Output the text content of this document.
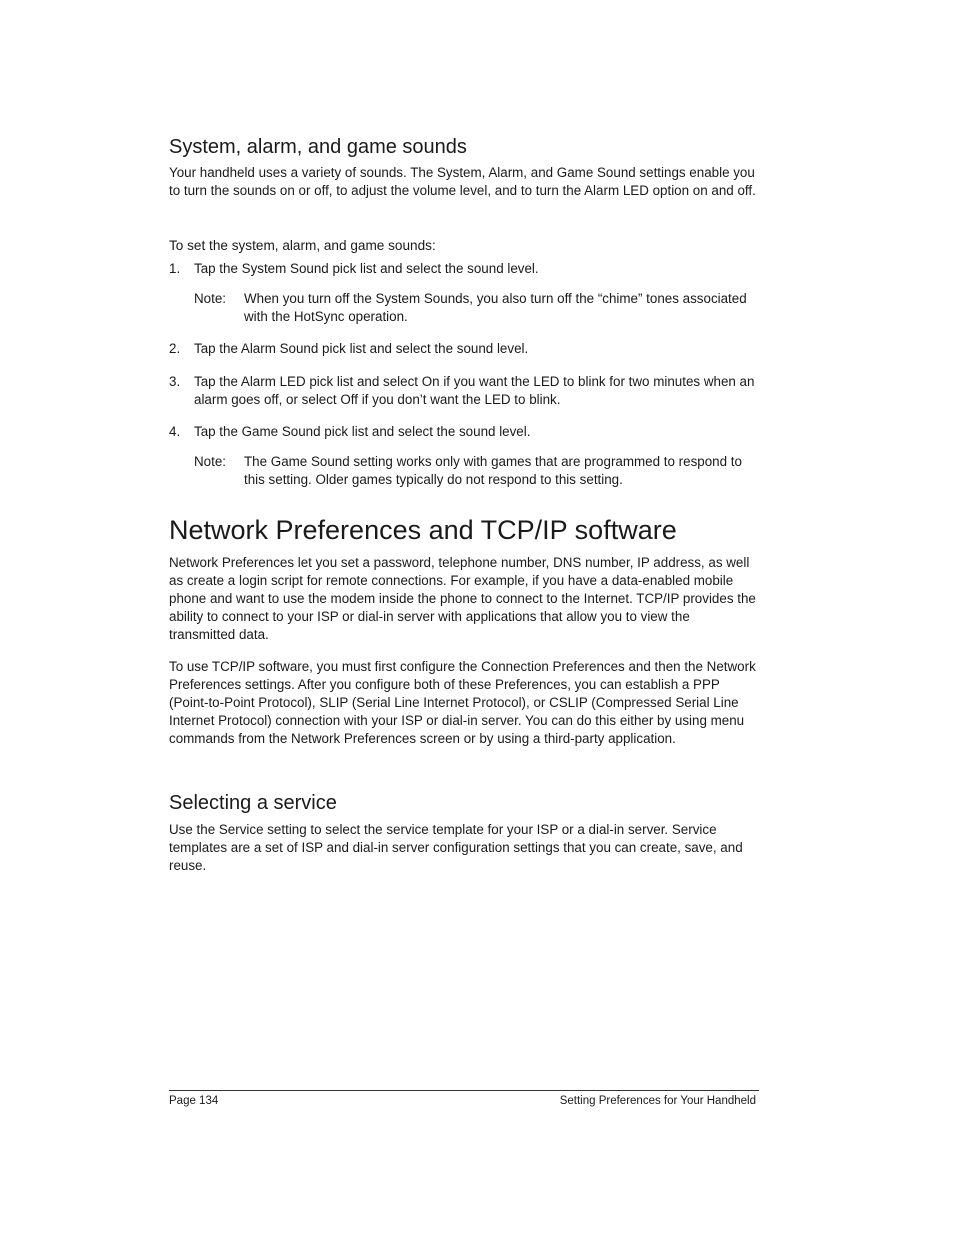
System, alarm, and game sounds

Your handheld uses a variety of sounds. The System, Alarm, and Game Sound settings enable you to turn the sounds on or off, to adjust the volume level, and to turn the Alarm LED option on and off.

To set the system, alarm, and game sounds:

1. Tap the System Sound pick list and select the sound level.
Note: When you turn off the System Sounds, you also turn off the “chime” tones associated with the HotSync operation.
2. Tap the Alarm Sound pick list and select the sound level.
3. Tap the Alarm LED pick list and select On if you want the LED to blink for two minutes when an alarm goes off, or select Off if you don’t want the LED to blink.
4. Tap the Game Sound pick list and select the sound level.
Note: The Game Sound setting works only with games that are programmed to respond to this setting. Older games typically do not respond to this setting.
Network Preferences and TCP/IP software

Network Preferences let you set a password, telephone number, DNS number, IP address, as well as create a login script for remote connections. For example, if you have a data-enabled mobile phone and want to use the modem inside the phone to connect to the Internet. TCP/IP provides the ability to connect to your ISP or dial-in server with applications that allow you to view the transmitted data.

To use TCP/IP software, you must first configure the Connection Preferences and then the Network Preferences settings. After you configure both of these Preferences, you can establish a PPP (Point-to-Point Protocol), SLIP (Serial Line Internet Protocol), or CSLIP (Compressed Serial Line Internet Protocol) connection with your ISP or dial-in server. You can do this either by using menu commands from the Network Preferences screen or by using a third-party application.

Selecting a service

Use the Service setting to select the service template for your ISP or a dial-in server. Service templates are a set of ISP and dial-in server configuration settings that you can create, save, and reuse.

Page 134	Setting Preferences for Your Handheld
